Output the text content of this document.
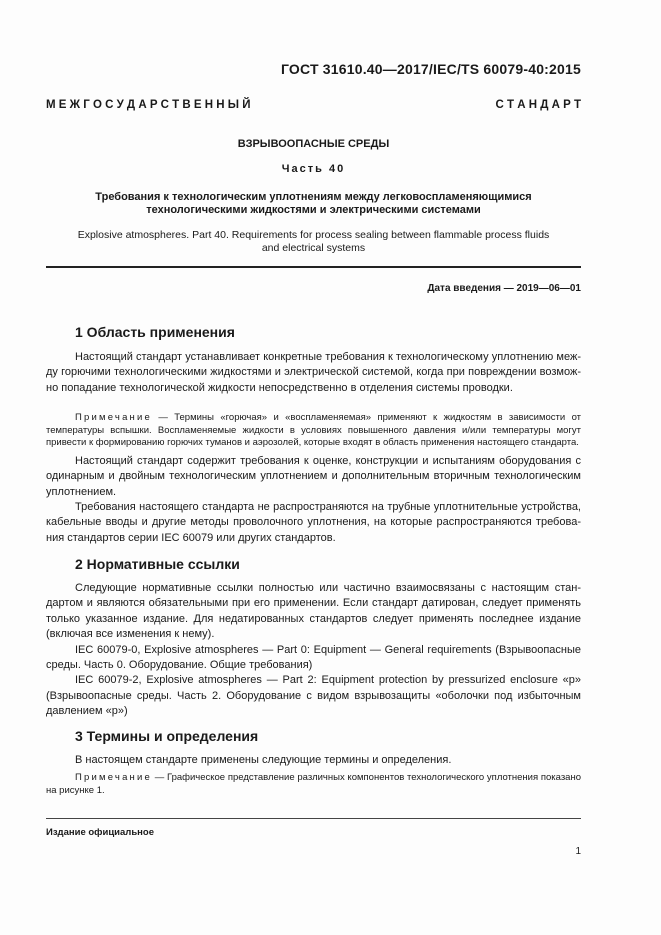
ГОСТ 31610.40—2017/IEC/TS 60079-40:2015
М Е Ж Г О С У Д А Р С Т В Е Н Н Ы Й	С Т А Н Д А Р Т
ВЗРЫВООПАСНЫЕ СРЕДЫ
Часть 40
Требования к технологическим уплотнениям между легковоспламеняющимися
технологическими жидкостями и электрическими системами
Explosive atmospheres. Part 40. Requirements for process sealing between flammable process fluids
and electrical systems
Дата введения — 2019—06—01
1 Область применения

Настоящий стандарт устанавливает конкретные требования к технологическому уплотнению между горючими технологическими жидкостями и электрической системой, когда при повреждении возможно попадание технологической жидкости непосредственно в отделения системы проводки.

Примечание — Термины «горючая» и «воспламеняемая» применяют к жидкостям в зависимости от температуры вспышки. Воспламеняемые жидкости в условиях повышенного давления и/или температуры могут привести к формированию горючих туманов и аэрозолей, которые входят в область применения настоящего стандарта.

Настоящий стандарт содержит требования к оценке, конструкции и испытаниям оборудования с одинарным и двойным технологическим уплотнением и дополнительным вторичным технологическим уплотнением.

Требования настоящего стандарта не распространяются на трубные уплотнительные устройства, кабельные вводы и другие методы проволочного уплотнения, на которые распространяются требования стандартов серии IEC 60079 или других стандартов.

2 Нормативные ссылки

Следующие нормативные ссылки полностью или частично взаимосвязаны с настоящим стандартом и являются обязательными при его применении. Если стандарт датирован, следует применять только указанное издание. Для недатированных стандартов следует применять последнее издание (включая все изменения к нему).

IEC 60079-0, Explosive atmospheres — Part 0: Equipment — General requirements (Взрывоопасные среды. Часть 0. Оборудование. Общие требования)

IEC 60079-2, Explosive atmospheres — Part 2: Equipment protection by pressurized enclosure «p» (Взрывоопасные среды. Часть 2. Оборудование с видом взрывозащиты «оболочки под избыточным давлением «p»)

3 Термины и определения

В настоящем стандарте применены следующие термины и определения.

Примечание — Графическое представление различных компонентов технологического уплотнения показано на рисунке 1.

Издание официальное
1
